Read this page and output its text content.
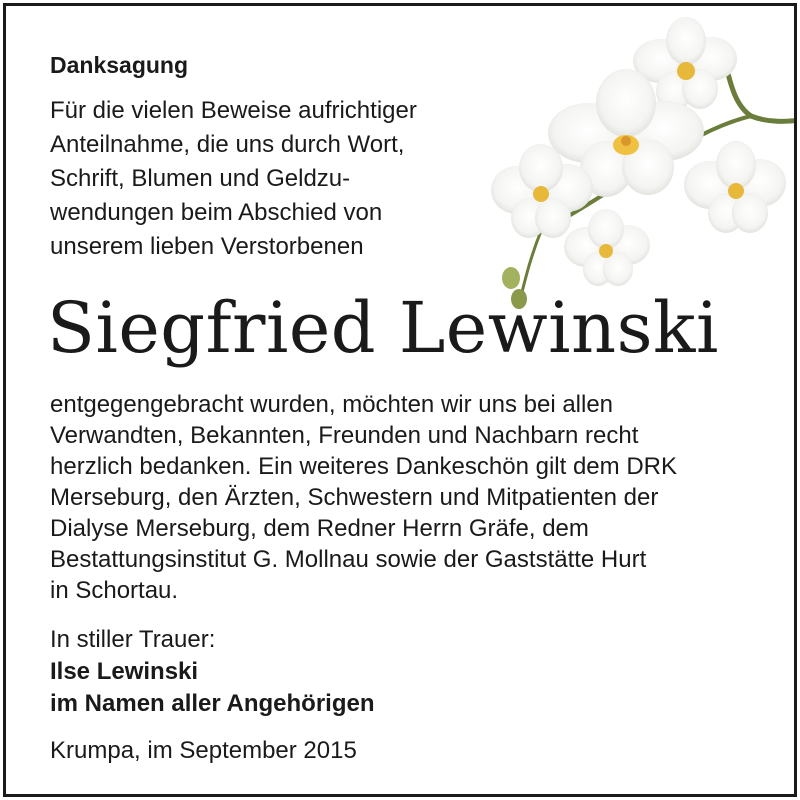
Danksagung
Für die vielen Beweise aufrichtiger
Anteilnahme, die uns durch Wort,
Schrift, Blumen und Geldzu-
wendungen beim Abschied von
unserem lieben Verstorbenen
Siegfried Lewinski
entgegengebracht wurden, möchten wir uns bei allen
Verwandten, Bekannten, Freunden und Nachbarn recht
herzlich bedanken. Ein weiteres Dankeschön gilt dem DRK
Merseburg, den Ärzten, Schwestern und Mitpatienten der
Dialyse Merseburg, dem Redner Herrn Gräfe, dem
Bestattungsinstitut G. Mollnau sowie der Gaststätte Hurt
in Schortau.
In stiller Trauer:
Ilse Lewinski
im Namen aller Angehörigen
Krumpa, im September 2015
